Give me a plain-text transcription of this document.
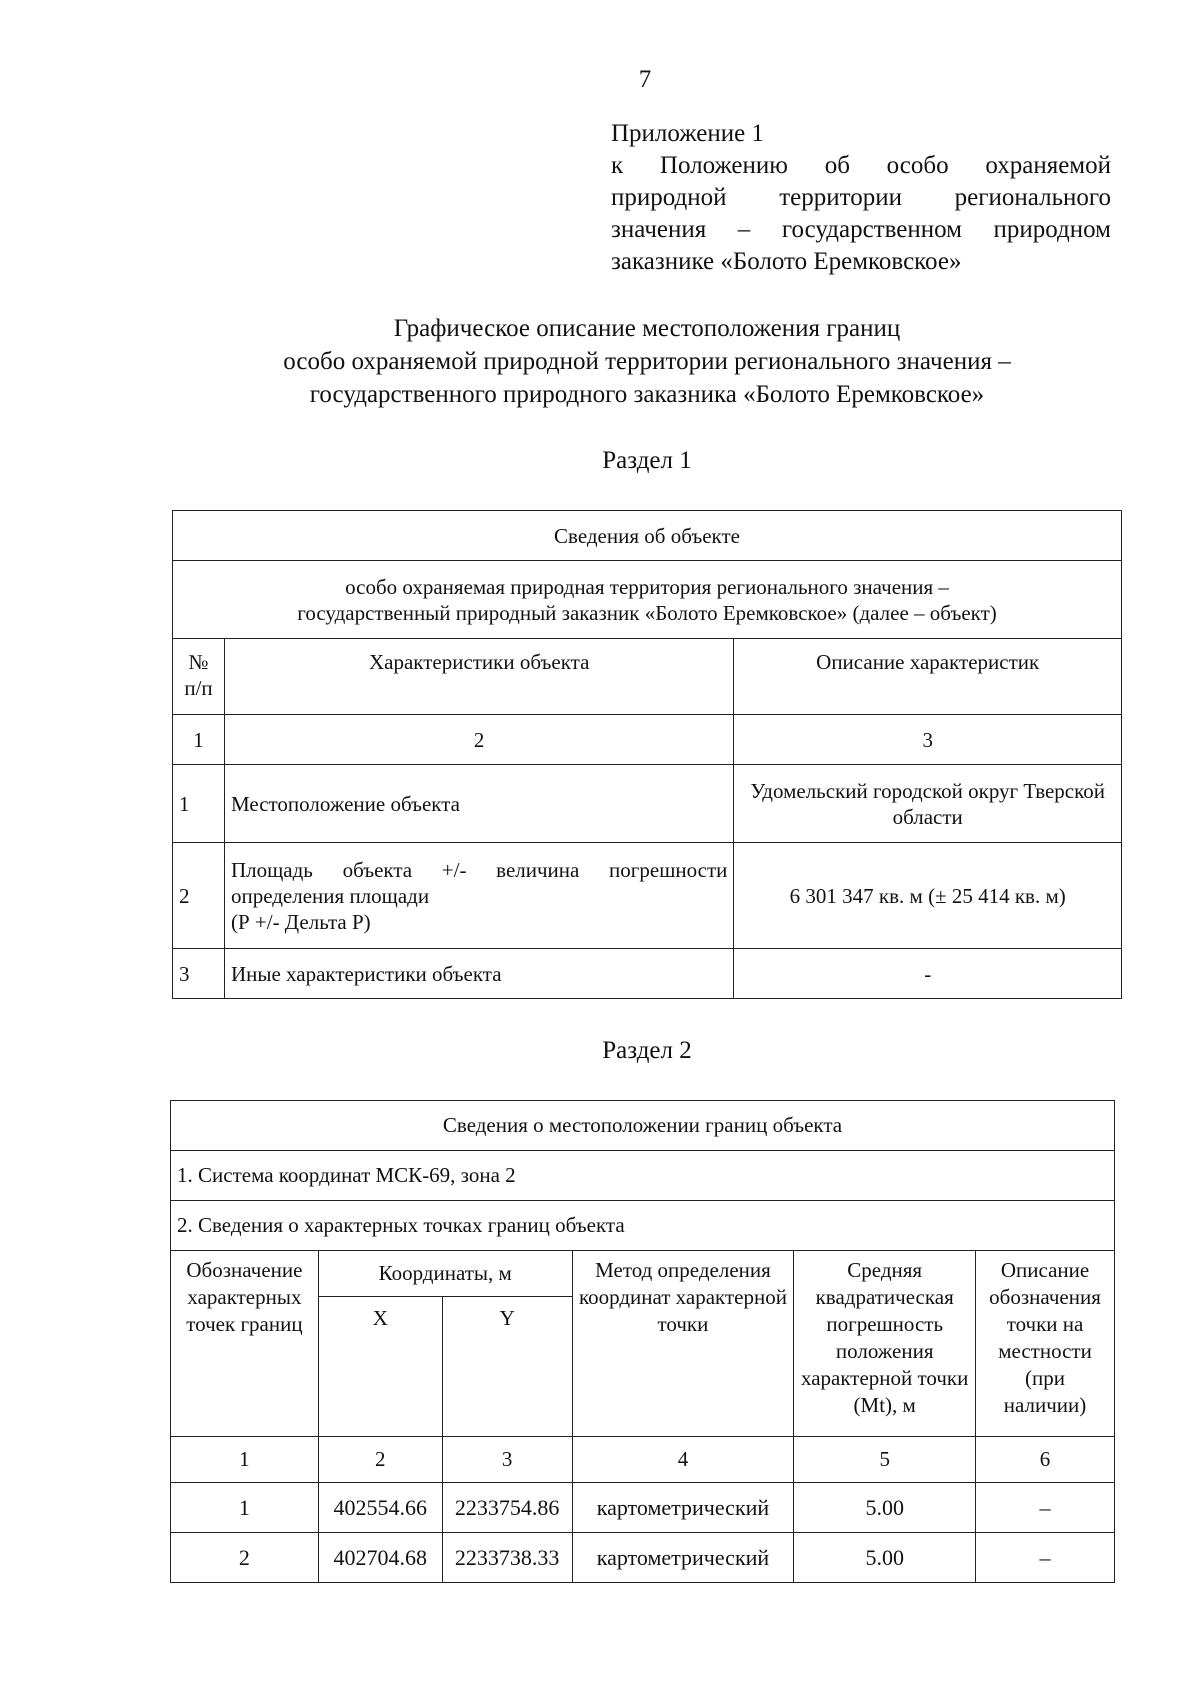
7
Приложение 1
к Положению об особо охраняемой
природной территории регионального
значения – государственном природном
заказнике «Болото Еремковское»
Графическое описание местоположения границ
особо охраняемой природной территории регионального значения –
государственного природного заказника «Болото Еремковское»
Раздел 1
Сведения об объекте		

особо охраняемая природная территория регионального значения –
государственный природный заказник «Болото Еремковское» (далее – объект)		

№ п/п	Характеристики объекта	Описание характеристик
1	2	3
1	Местоположение объекта	Удомельский городской округ Тверской области
2	Площадь объекта +/- величина погрешности
определения площади
(Р +/- Дельта Р)	6 301 347 кв. м (± 25 414 кв. м)
3	Иные характеристики объекта	-
Раздел 2
Сведения о местоположении границ объекта					
1. Система координат МСК-69, зона 2					
2. Сведения о характерных точках границ объекта					
Обозначение характерных точек границ	Координаты, м		Метод определения координат характерной точки	Средняя квадратическая погрешность положения характерной точки (Mt), м	Описание обозначения точки на местности (при наличии)
	X	Y			
1	2	3	4	5	6
1	402554.66	2233754.86	картометрический	5.00	–
2	402704.68	2233738.33	картометрический	5.00	–
